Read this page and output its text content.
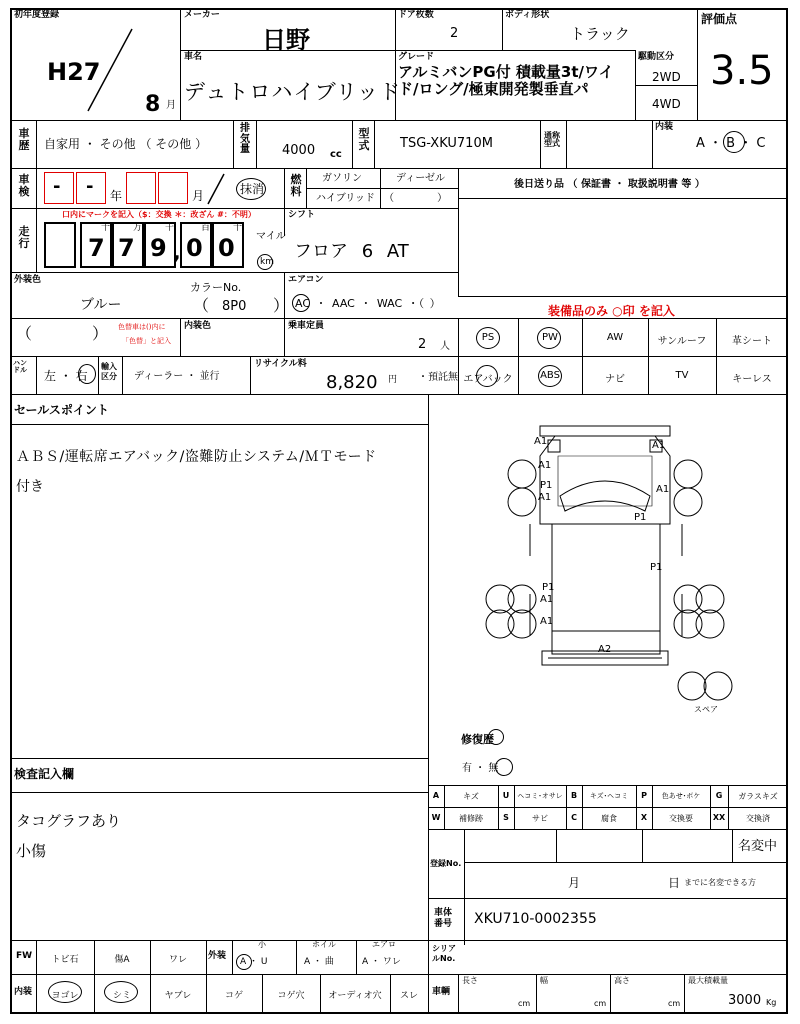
初年度登録
H27
8 月
メーカー
日野
ドア枚数
2
ボディ形状
トラック
評価点
3.5
車名
デュトロハイブリッド
グレード
アルミバンPG付 積載量3t/ワイド/ロング/極東開発製垂直パ
駆動区分
2WD
4WD
車歴 自家用 ・ その他 （ その他 ）
排気量 4000 cc
型式 TSG-XKU710M
通称型式
内装
A ・ B ・ C
車検 - - 年	月	抹消
燃料
ガソリン	ディーゼル
ハイブリッド （ ）
後日送り品 （ 保証書 ・ 取扱説明書 等 ）
走行
口内にマークを記入（$：交換 ＊：改ざん #：不明）
十	万	千	百	十
7 7 9 , 0 0 マイル
km
シフト
フロア 6 AT
外装色
ブルー
カラーNo.
（ 8P0 ）
エアコン
AC ・ AAC ・ WAC ・（ ）
装備品のみ ○印 を記入
（	） 色替車は()内に
「色替」と記入
内装色	乗車定員
2 人
PS	PW	AW	サンルーフ	革シート
エアバック	ABS	ナビ	TV	キーレス
ハンドル	左 ・ 右
輸入区分	ディーラー ・ 並行
リサイクル料
8,820 円 ・預託無
セールスポイント
ＡＢＳ/運転席エアバック/盗難防止システム/ＭＴモード
付き
A1	A1
A1
A1
P1
A1
P1
P1
P1
A1
A1
A2
スペア
修復歴
有 ・ 無
A	キズ	U	ヘコミ･オサレ	B	キズ･ヘコミ	P	色あせ･ボケ	G	ガラスキズ
W	補修跡	S	サビ	C	腐食	X	交換要	XX	交換済
検査記入欄
タコグラフあり
小傷
登録No.
名変中
月	日 までに名変できる方
車体番号	XKU710-0002355
FW	トビ石	傷A	ワレ	外装
小
A ・ U
ホイル
A ・ 曲
エアロ
A ・ ワレ
シリアルNo.
内装	ヨゴレ	シミ	ヤブレ	コゲ	コゲ穴	オーディオ穴	スレ	車輌
長さ
cm
幅
cm
高さ
cm
最大積載量
3000 Kg
